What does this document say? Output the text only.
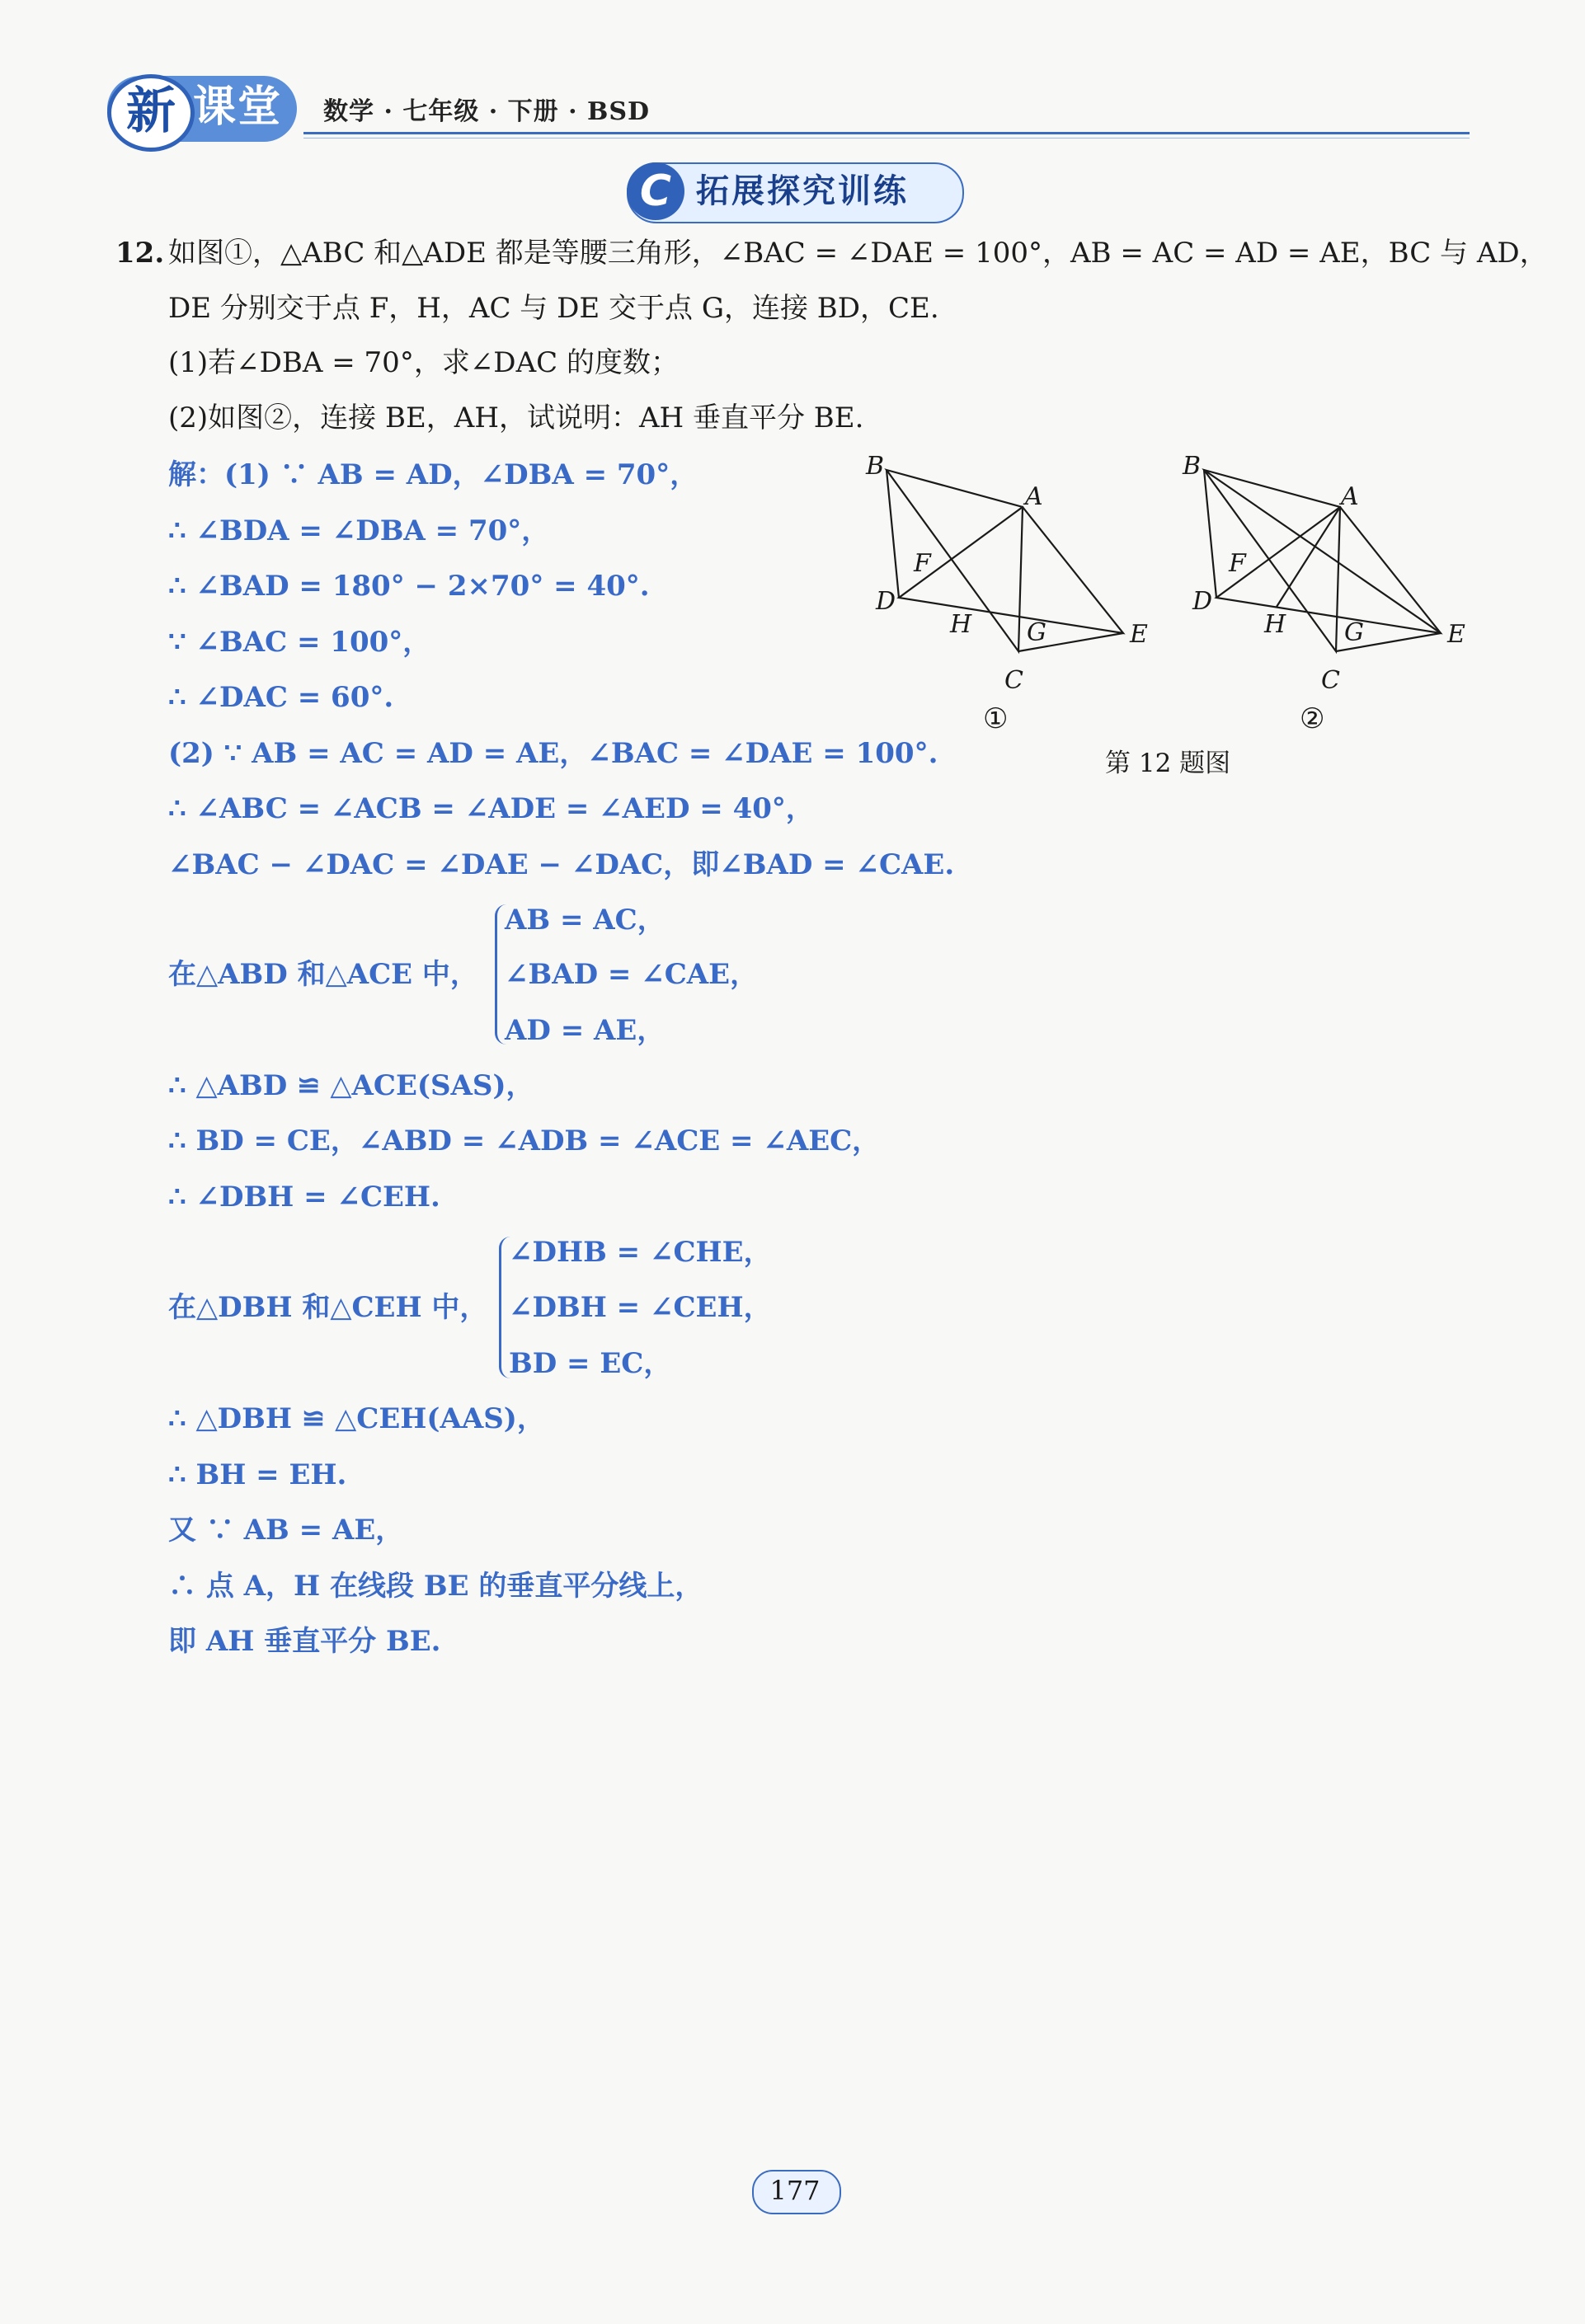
新 课堂	数学 · 七年级 · 下册 · BSD
C 拓展探究训练
12. 如图①，△ABC 和△ADE 都是等腰三角形，∠BAC = ∠DAE = 100°，AB = AC = AD = AE，BC 与 AD，
DE 分别交于点 F，H，AC 与 DE 交于点 G，连接 BD，CE.
(1)若∠DBA = 70°，求∠DAC 的度数；
(2)如图②，连接 BE，AH，试说明：AH 垂直平分 BE.
B
A
F
D
H G	E
C
B
A
F
D
H G	E
C
①	②
第 12 题图
解：(1) ∵ AB = AD，∠DBA = 70°，
∴ ∠BDA = ∠DBA = 70°，
∴ ∠BAD = 180° − 2×70° = 40°.
∵ ∠BAC = 100°，
∴ ∠DAC = 60°.
(2) ∵ AB = AC = AD = AE，∠BAC = ∠DAE = 100°.
∴ ∠ABC = ∠ACB = ∠ADE = ∠AED = 40°，
∠BAC − ∠DAC = ∠DAE − ∠DAC，即∠BAD = ∠CAE.
在△ABD 和△ACE 中，
AB = AC，
∠BAD = ∠CAE，
AD = AE，
∴ △ABD ≌ △ACE(SAS)，
∴ BD = CE，∠ABD = ∠ADB = ∠ACE = ∠AEC，
∴ ∠DBH = ∠CEH.
在△DBH 和△CEH 中，
∠DHB = ∠CHE，
∠DBH = ∠CEH，
BD = EC，
∴ △DBH ≌ △CEH(AAS)，
∴ BH = EH.
又 ∵ AB = AE，
∴ 点 A，H 在线段 BE 的垂直平分线上，
即 AH 垂直平分 BE.
177
